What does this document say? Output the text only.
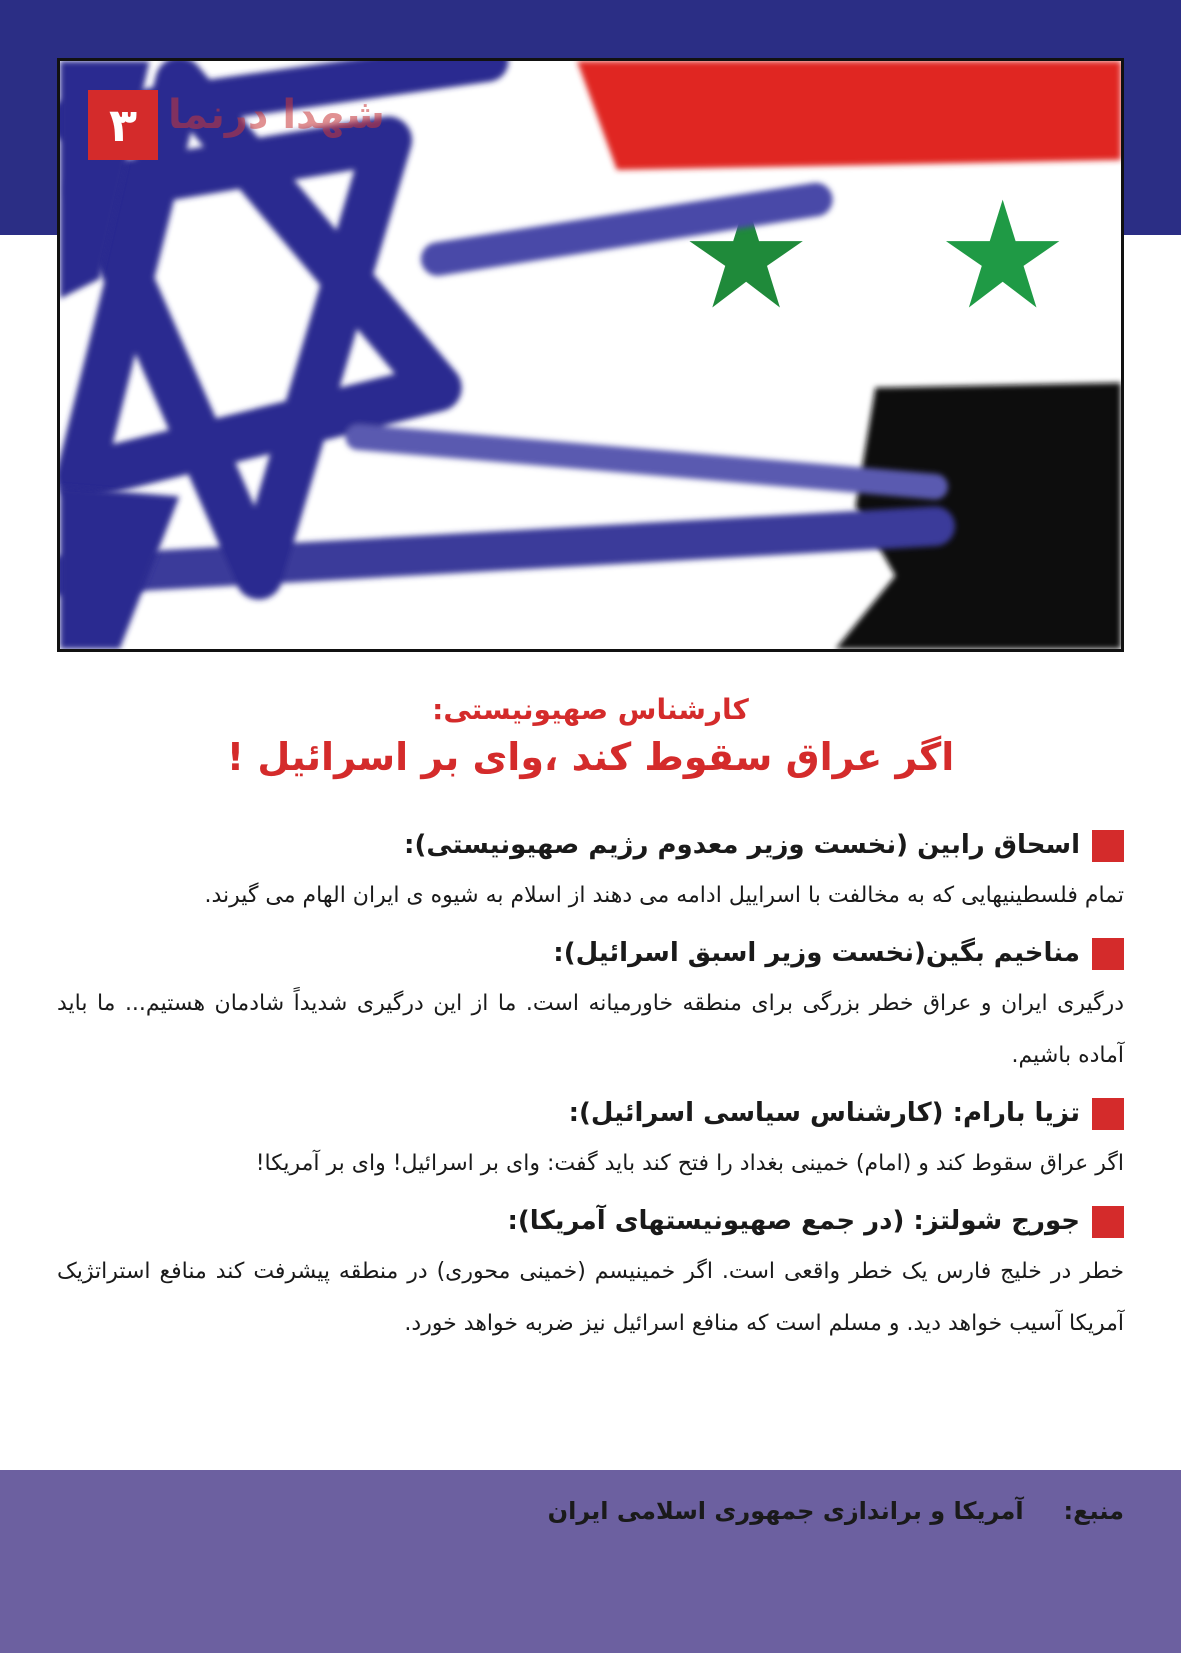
۳ شهدا درنما
کارشناس صهیونیستی:
اگر عراق سقوط کند ،وای بر اسرائیل !
اسحاق رابین (نخست وزیر معدوم رژیم صهیونیستی):
تمام فلسطینیهایی که به مخالفت با اسراییل ادامه می دهند از اسلام به شیوه ی ایران الهام می گیرند.
مناخیم بگین(نخست وزیر اسبق اسرائیل):
درگیری ایران و عراق خطر بزرگی برای منطقه خاورمیانه است. ما از این درگیری شدیداً شادمان هستیم... ما باید آماده باشیم.
تزیا بارام: (کارشناس سیاسی اسرائیل):
اگر عراق سقوط کند و (امام) خمینی بغداد را فتح کند باید گفت: وای بر اسرائیل! وای بر آمریکا!
جورج شولتز: (در جمع صهیونیستهای آمریکا):
خطر در خلیج فارس یک خطر واقعی است. اگر خمینیسم (خمینی محوری) در منطقه پیشرفت کند منافع استراتژیک آمریکا آسیب خواهد دید. و مسلم است که منافع اسرائیل نیز ضربه خواهد خورد.
منبع:آمریکا و براندازی جمهوری اسلامی ایران
